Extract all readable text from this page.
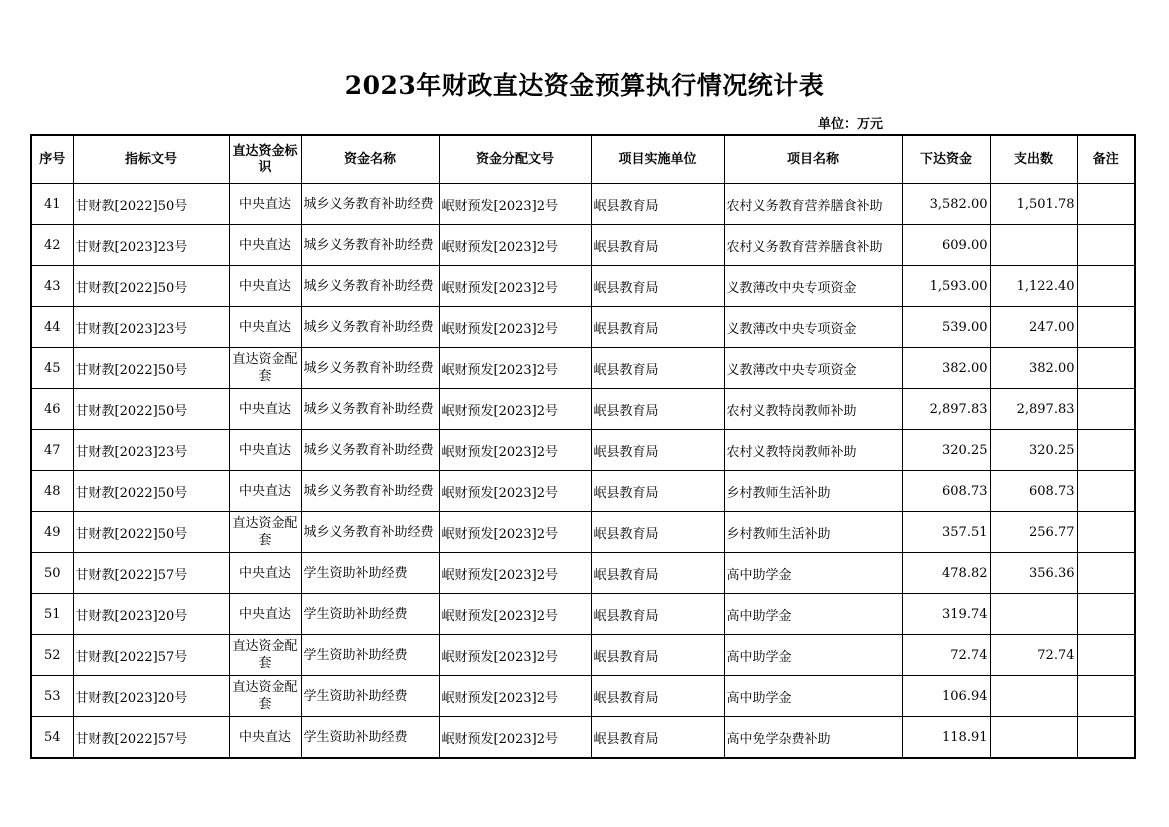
2023年财政直达资金预算执行情况统计表
单位：万元
序号	指标文号	直达资金标识	资金名称	资金分配文号	项目实施单位	项目名称	下达资金	支出数	备注
41	甘财教[2022]50号	中央直达	城乡义务教育补助经费	岷财预发[2023]2号	岷县教育局	农村义务教育营养膳食补助	3,582.00	1,501.78	
42	甘财教[2023]23号	中央直达	城乡义务教育补助经费	岷财预发[2023]2号	岷县教育局	农村义务教育营养膳食补助	609.00		
43	甘财教[2022]50号	中央直达	城乡义务教育补助经费	岷财预发[2023]2号	岷县教育局	义教薄改中央专项资金	1,593.00	1,122.40	
44	甘财教[2023]23号	中央直达	城乡义务教育补助经费	岷财预发[2023]2号	岷县教育局	义教薄改中央专项资金	539.00	247.00	
45	甘财教[2022]50号	直达资金配套	城乡义务教育补助经费	岷财预发[2023]2号	岷县教育局	义教薄改中央专项资金	382.00	382.00	
46	甘财教[2022]50号	中央直达	城乡义务教育补助经费	岷财预发[2023]2号	岷县教育局	农村义教特岗教师补助	2,897.83	2,897.83	
47	甘财教[2023]23号	中央直达	城乡义务教育补助经费	岷财预发[2023]2号	岷县教育局	农村义教特岗教师补助	320.25	320.25	
48	甘财教[2022]50号	中央直达	城乡义务教育补助经费	岷财预发[2023]2号	岷县教育局	乡村教师生活补助	608.73	608.73	
49	甘财教[2022]50号	直达资金配套	城乡义务教育补助经费	岷财预发[2023]2号	岷县教育局	乡村教师生活补助	357.51	256.77	
50	甘财教[2022]57号	中央直达	学生资助补助经费	岷财预发[2023]2号	岷县教育局	高中助学金	478.82	356.36	
51	甘财教[2023]20号	中央直达	学生资助补助经费	岷财预发[2023]2号	岷县教育局	高中助学金	319.74		
52	甘财教[2022]57号	直达资金配套	学生资助补助经费	岷财预发[2023]2号	岷县教育局	高中助学金	72.74	72.74	
53	甘财教[2023]20号	直达资金配套	学生资助补助经费	岷财预发[2023]2号	岷县教育局	高中助学金	106.94		
54	甘财教[2022]57号	中央直达	学生资助补助经费	岷财预发[2023]2号	岷县教育局	高中免学杂费补助	118.91		
